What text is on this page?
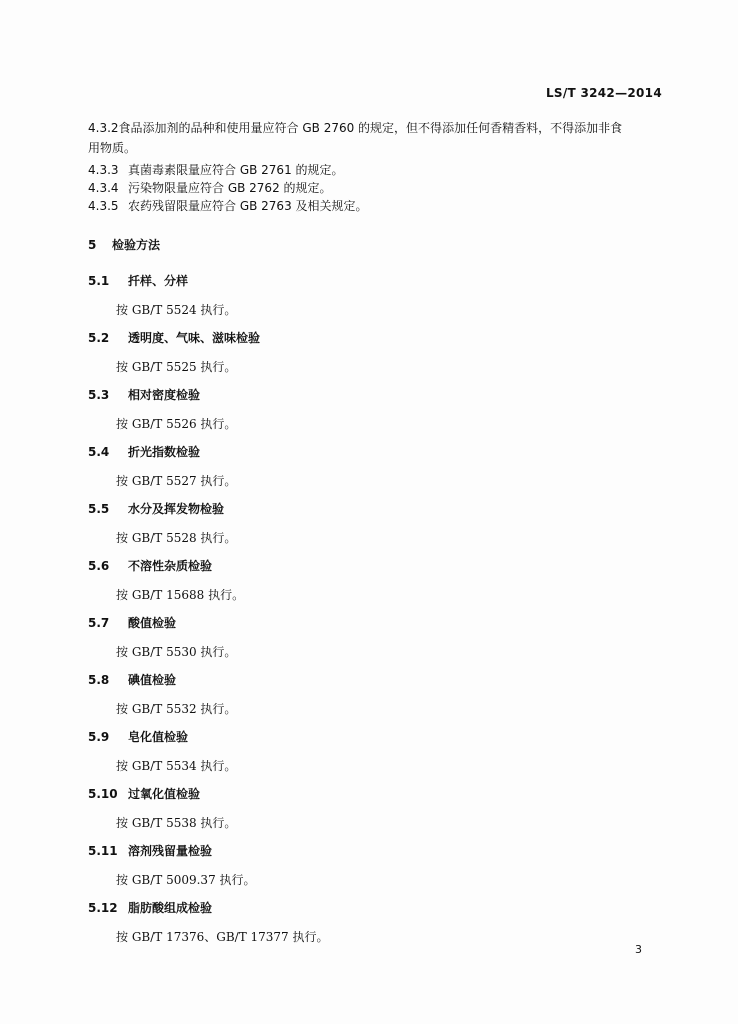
LS/T 3242—2014
4.3.2食品添加剂的品种和使用量应符合 GB 2760 的规定，但不得添加任何香精香料，不得添加非食
用物质。
4.3.3 真菌毒素限量应符合 GB 2761 的规定。
4.3.4 污染物限量应符合 GB 2762 的规定。
4.3.5 农药残留限量应符合 GB 2763 及相关规定。
5 检验方法
5.1 扦样、分样
按 GB/T 5524 执行。
5.2 透明度、气味、滋味检验
按 GB/T 5525 执行。
5.3 相对密度检验
按 GB/T 5526 执行。
5.4 折光指数检验
按 GB/T 5527 执行。
5.5 水分及挥发物检验
按 GB/T 5528 执行。
5.6 不溶性杂质检验
按 GB/T 15688 执行。
5.7 酸值检验
按 GB/T 5530 执行。
5.8 碘值检验
按 GB/T 5532 执行。
5.9 皂化值检验
按 GB/T 5534 执行。
5.10 过氧化值检验
按 GB/T 5538 执行。
5.11 溶剂残留量检验
按 GB/T 5009.37 执行。
5.12 脂肪酸组成检验
按 GB/T 17376、GB/T 17377 执行。
3
